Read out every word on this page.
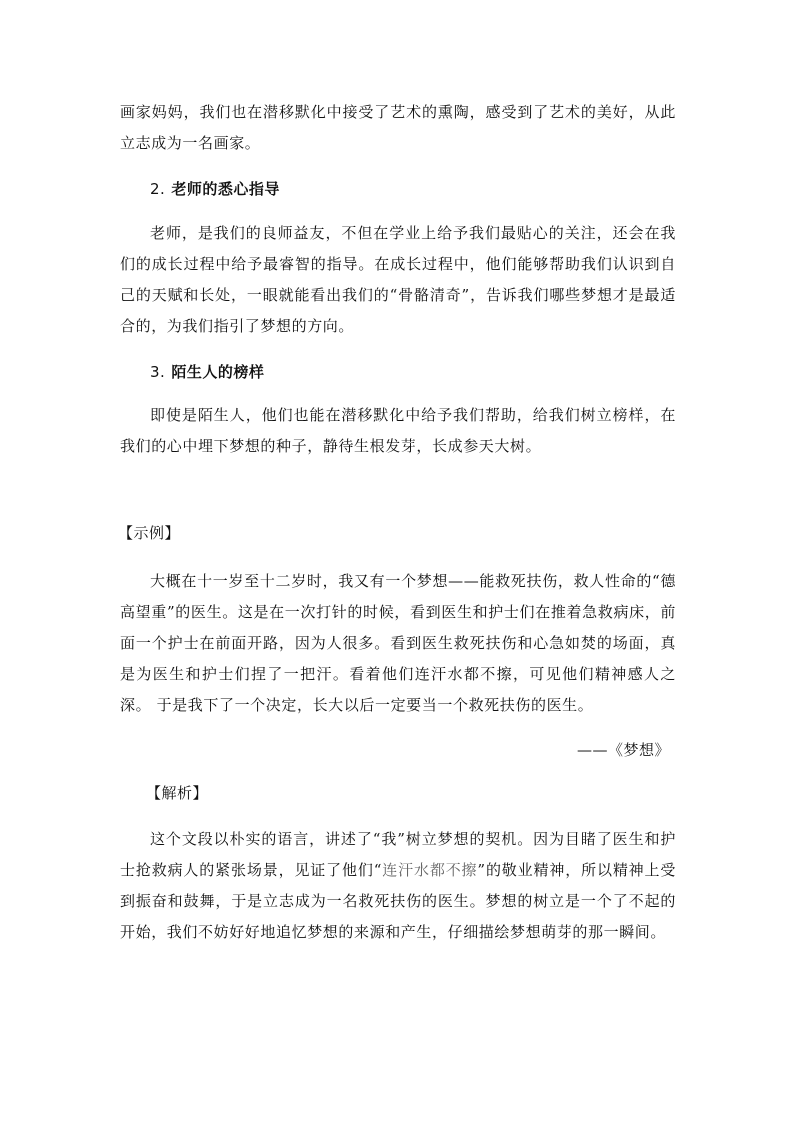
画家妈妈，我们也在潜移默化中接受了艺术的熏陶，感受到了艺术的美好，从此立志成为一名画家。
2. 老师的悉心指导
老师，是我们的良师益友，不但在学业上给予我们最贴心的关注，还会在我们的成长过程中给予最睿智的指导。在成长过程中，他们能够帮助我们认识到自己的天赋和长处，一眼就能看出我们的“骨骼清奇”，告诉我们哪些梦想才是最适合的，为我们指引了梦想的方向。
3. 陌生人的榜样
即使是陌生人，他们也能在潜移默化中给予我们帮助，给我们树立榜样，在我们的心中埋下梦想的种子，静待生根发芽，长成参天大树。
【示例】
大概在十一岁至十二岁时，我又有一个梦想——能救死扶伤，救人性命的“德高望重”的医生。这是在一次打针的时候，看到医生和护士们在推着急救病床，前面一个护士在前面开路，因为人很多。看到医生救死扶伤和心急如焚的场面，真是为医生和护士们捏了一把汗。看着他们连汗水都不擦，可见他们精神感人之深。 于是我下了一个决定，长大以后一定要当一个救死扶伤的医生。
——《梦想》
【解析】
这个文段以朴实的语言，讲述了“我”树立梦想的契机。因为目睹了医生和护士抢救病人的紧张场景，见证了他们“连汗水都不擦”的敬业精神，所以精神上受到振奋和鼓舞，于是立志成为一名救死扶伤的医生。梦想的树立是一个了不起的开始，我们不妨好好地追忆梦想的来源和产生，仔细描绘梦想萌芽的那一瞬间。
